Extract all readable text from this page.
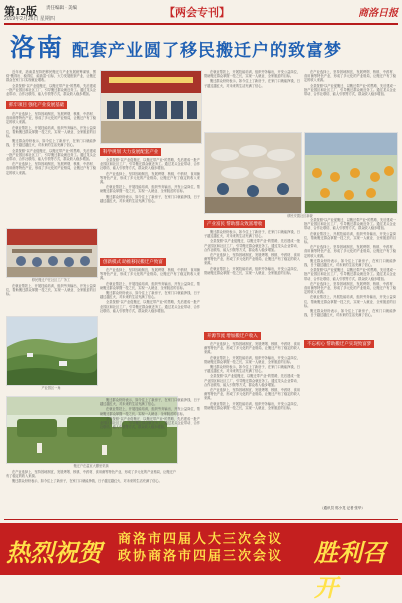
第12版
2019年2月26日 星期四
责任编辑 · 美编	【两会专刊】	商洛日报
洛南 配套产业圆了移民搬迁户的致富梦

近年来，洛南县坚持把移民搬迁与产业发展统筹谋划，围绕“搬得出、稳得住、能致富”目标，大力发展配套产业，让搬迁群众在家门口实现就业增收。

全县按照“以产业促搬迁、以搬迁带产业”的思路，先后建成一批产业园区和社区工厂，引导搬迁群众就近务工。通过龙头企业带动、合作社联结、能人引领等方式，群众收入稳步增加。

抓牢项目 强化产业发展基础

在产业选择上，坚持因地制宜，发展烤烟、核桃、中药材、食用菌等特色产业，形成了多元化的产业格局，让搬迁户有了稳定的收入来源。

在就业帮扶上，开展技能培训，组织劳务输出，开发公益岗位，帮助搬迁群众掌握一技之长，实现一人就业、全家脱贫的目标。

搬迁群众纷纷表示，如今住上了新房子，在家门口就能挣钱，日子越过越红火，对未来的生活充满了信心。

全县按照“以产业促搬迁、以搬迁带产业”的思路，先后建成一批产业园区和社区工厂，引导搬迁群众就近务工。通过龙头企业带动、合作社联结、能人引领等方式，群众收入稳步增加。

在产业选择上，坚持因地制宜，发展烤烟、核桃、中药材、食用菌等特色产业，形成了多元化的产业格局，让搬迁户有了稳定的收入来源。

移民搬迁户在社区工厂务工

在就业帮扶上，开展技能培训，组织劳务输出，开发公益岗位，帮助搬迁群众掌握一技之长，实现一人就业、全家脱贫的目标。

产业园区一角
搬迁户在温室大棚里采摘
科学规划 大力发展配套产业

全县按照“以产业促搬迁、以搬迁带产业”的思路，先后建成一批产业园区和社区工厂，引导搬迁群众就近务工。通过龙头企业带动、合作社联结、能人引领等方式，群众收入稳步增加。

在产业选择上，坚持因地制宜，发展烤烟、核桃、中药材、食用菌等特色产业，形成了多元化的产业格局，让搬迁户有了稳定的收入来源。

在就业帮扶上，开展技能培训，组织劳务输出，开发公益岗位，帮助搬迁群众掌握一技之长，实现一人就业、全家脱贫的目标。

搬迁群众纷纷表示，如今住上了新房子，在家门口就能挣钱，日子越过越红火，对未来的生活充满了信心。

创新模式 助推移民搬迁户致富

在产业选择上，坚持因地制宜，发展烤烟、核桃、中药材、食用菌等特色产业，形成了多元化的产业格局，让搬迁户有了稳定的收入来源。

在就业帮扶上，开展技能培训，组织劳务输出，开发公益岗位，帮助搬迁群众掌握一技之长，实现一人就业、全家脱贫的目标。

搬迁群众纷纷表示，如今住上了新房子，在家门口就能挣钱，日子越过越红火，对未来的生活充满了信心。

全县按照“以产业促搬迁、以搬迁带产业”的思路，先后建成一批产业园区和社区工厂，引导搬迁群众就近务工。通过龙头企业带动、合作社联结、能人引领等方式，群众收入稳步增加。

在就业帮扶上，开展技能培训，组织劳务输出，开发公益岗位，帮助搬迁群众掌握一技之长，实现一人就业、全家脱贫的目标。

搬迁群众纷纷表示，如今住上了新房子，在家门口就能挣钱，日子越过越红火，对未来的生活充满了信心。

在产业选择上，坚持因地制宜，发展烤烟、核桃、中药材、食用菌等特色产业，形成了多元化的产业格局，让搬迁户有了稳定的收入来源。

全县按照“以产业促搬迁、以搬迁带产业”的思路，先后建成一批产业园区和社区工厂，引导搬迁群众就近务工。通过龙头企业带动、合作社联结、能人引领等方式，群众收入稳步增加。

移民安置社区新貌
产业富民 帮助群众致富增收

搬迁群众纷纷表示，如今住上了新房子，在家门口就能挣钱，日子越过越红火，对未来的生活充满了信心。

全县按照“以产业促搬迁、以搬迁带产业”的思路，先后建成一批产业园区和社区工厂，引导搬迁群众就近务工。通过龙头企业带动、合作社联结、能人引领等方式，群众收入稳步增加。

在产业选择上，坚持因地制宜，发展烤烟、核桃、中药材、食用菌等特色产业，形成了多元化的产业格局，让搬迁户有了稳定的收入来源。

在就业帮扶上，开展技能培训，组织劳务输出，开发公益岗位，帮助搬迁群众掌握一技之长，实现一人就业、全家脱贫的目标。

开源节流 增加搬迁户收入

在产业选择上，坚持因地制宜，发展烤烟、核桃、中药材、食用菌等特色产业，形成了多元化的产业格局，让搬迁户有了稳定的收入来源。

在就业帮扶上，开展技能培训，组织劳务输出，开发公益岗位，帮助搬迁群众掌握一技之长，实现一人就业、全家脱贫的目标。

搬迁群众纷纷表示，如今住上了新房子，在家门口就能挣钱，日子越过越红火，对未来的生活充满了信心。

全县按照“以产业促搬迁、以搬迁带产业”的思路，先后建成一批产业园区和社区工厂，引导搬迁群众就近务工。通过龙头企业带动、合作社联结、能人引领等方式，群众收入稳步增加。

在产业选择上，坚持因地制宜，发展烤烟、核桃、中药材、食用菌等特色产业，形成了多元化的产业格局，让搬迁户有了稳定的收入来源。

在就业帮扶上，开展技能培训，组织劳务输出，开发公益岗位，帮助搬迁群众掌握一技之长，实现一人就业、全家脱贫的目标。

全县按照“以产业促搬迁、以搬迁带产业”的思路，先后建成一批产业园区和社区工厂，引导搬迁群众就近务工。通过龙头企业带动、合作社联结、能人引领等方式，群众收入稳步增加。

在就业帮扶上，开展技能培训，组织劳务输出，开发公益岗位，帮助搬迁群众掌握一技之长，实现一人就业、全家脱贫的目标。

在产业选择上，坚持因地制宜，发展烤烟、核桃、中药材、食用菌等特色产业，形成了多元化的产业格局，让搬迁户有了稳定的收入来源。

搬迁群众纷纷表示，如今住上了新房子，在家门口就能挣钱，日子越过越红火，对未来的生活充满了信心。

全县按照“以产业促搬迁、以搬迁带产业”的思路，先后建成一批产业园区和社区工厂，引导搬迁群众就近务工。通过龙头企业带动、合作社联结、能人引领等方式，群众收入稳步增加。

在产业选择上，坚持因地制宜，发展烤烟、核桃、中药材、食用菌等特色产业，形成了多元化的产业格局，让搬迁户有了稳定的收入来源。

在就业帮扶上，开展技能培训，组织劳务输出，开发公益岗位，帮助搬迁群众掌握一技之长，实现一人就业、全家脱贫的目标。

搬迁群众纷纷表示，如今住上了新房子，在家门口就能挣钱，日子越过越红火，对未来的生活充满了信心。

不忘初心 帮助搬迁户实现致富梦

搬迁群众纷纷表示，如今住上了新房子，在家门口就能挣钱，日子越过越红火，对未来的生活充满了信心。

在就业帮扶上，开展技能培训，组织劳务输出，开发公益岗位，帮助搬迁群众掌握一技之长，实现一人就业、全家脱贫的目标。

全县按照“以产业促搬迁、以搬迁带产业”的思路，先后建成一批产业园区和社区工厂，引导搬迁群众就近务工。通过龙头企业带动、合作社联结、能人引领等方式，群众收入稳步增加。

在产业选择上，坚持因地制宜，发展烤烟、核桃、中药材、食用菌等特色产业，形成了多元化的产业格局，让搬迁户有了稳定的收入来源。

搬迁群众纷纷表示，如今住上了新房子，在家门口就能挣钱，日子越过越红火，对未来的生活充满了信心。

（通讯员 郭小龙 记者 张华）
热烈祝贺
商洛市四届人大三次会议
政协商洛市四届三次会议	胜利召开
